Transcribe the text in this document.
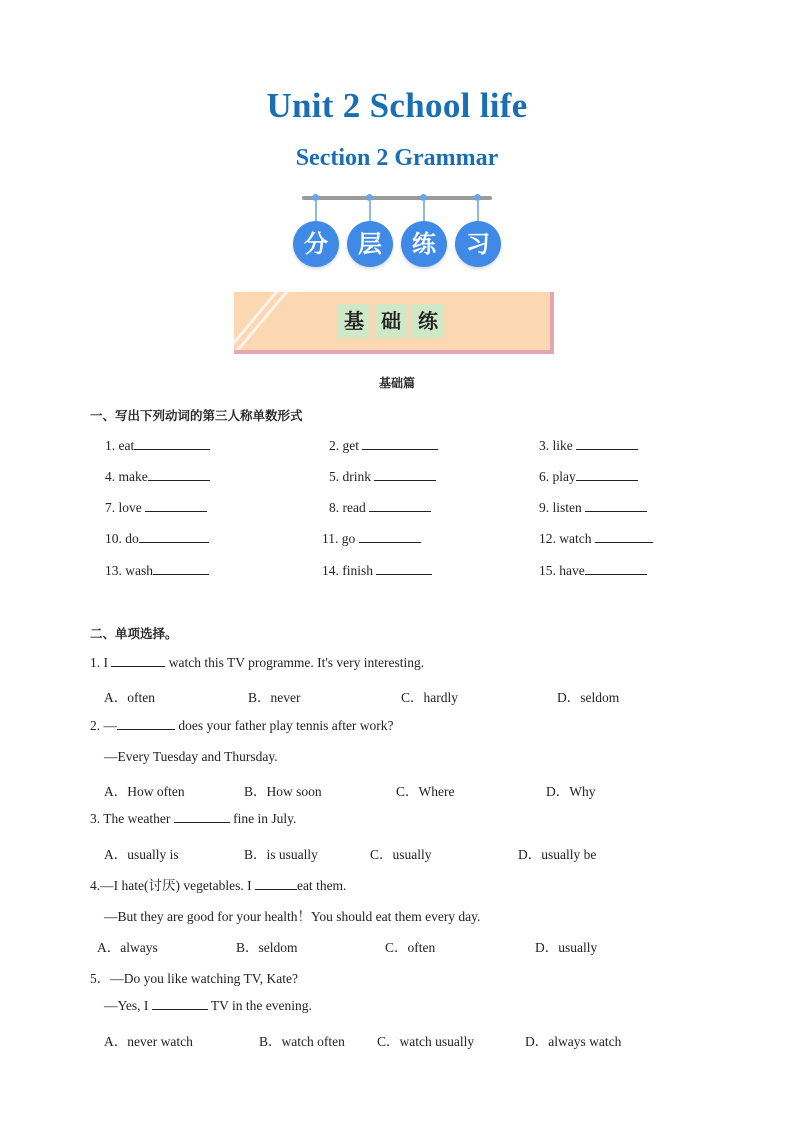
Unit 2 School life
Section 2 Grammar
分	层	练	习
基 础 练
基础篇
一、写出下列动词的第三人称单数形式
1. eat	2. get	3. like
4. make	5. drink	6. play
7. love	8. read	9. listen
10. do	11. go	12. watch
13. wash	14. finish	15. have
二、单项选择。
1. I	watch this TV programme. It's very interesting.
A．often	B．never	C．hardly	D．seldom
2. —	does your father play tennis after work?
—Every Tuesday and Thursday.
A．How often	B．How soon	C．Where	D．Why
3. The weather	fine in July.
A．usually is	B．is usually	C．usually	D．usually be
4.—I hate(讨厌) vegetables. I	eat them.
—But they are good for your health！You should eat them every day.
A．always	B．seldom	C．often	D．usually
5．—Do you like watching TV, Kate?
—Yes, I	TV in the evening.
A．never watch	B．watch often C．watch usually	D．always watch
